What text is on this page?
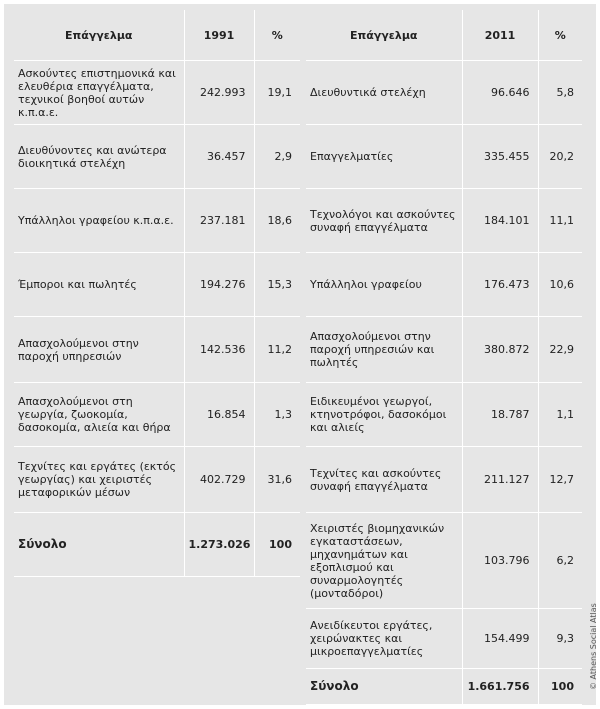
Επάγγελμα	1991	%
Ασκούντες επιστημονικά και ελευθέρια επαγγέλματα, τεχνικοί βοηθοί αυτών κ.π.α.ε.	242.993	19,1
Διευθύνοντες και ανώτερα διοικητικά στελέχη	36.457	2,9
Υπάλληλοι γραφείου κ.π.α.ε.	237.181	18,6
Έμποροι και πωλητές	194.276	15,3
Απασχολούμενοι στην παροχή υπηρεσιών	142.536	11,2
Απασχολούμενοι στη γεωργία, ζωοκομία, δασοκομία, αλιεία και θήρα	16.854	1,3
Τεχνίτες και εργάτες (εκτός γεωργίας) και χειριστές μεταφορικών μέσων	402.729	31,6
Σύνολο	1.273.026	100
Επάγγελμα	2011	%
Διευθυντικά στελέχη	96.646	5,8
Επαγγελματίες	335.455	20,2
Τεχνολόγοι και ασκούντες συναφή επαγγέλματα	184.101	11,1
Υπάλληλοι γραφείου	176.473	10,6
Απασχολούμενοι στην παροχή υπηρεσιών και πωλητές	380.872	22,9
Ειδικευμένοι γεωργοί, κτηνοτρόφοι, δασοκόμοι και αλιείς	18.787	1,1
Τεχνίτες και ασκούντες συναφή επαγγέλματα	211.127	12,7
Χειριστές βιομηχανικών εγκαταστάσεων, μηχανημάτων και εξοπλισμού και συναρμολογητές (μονταδόροι)	103.796	6,2
Ανειδίκευτοι εργάτες, χειρώνακτες και μικροεπαγγελματίες	154.499	9,3
Σύνολο	1.661.756	100 © Athens Social Atlas
